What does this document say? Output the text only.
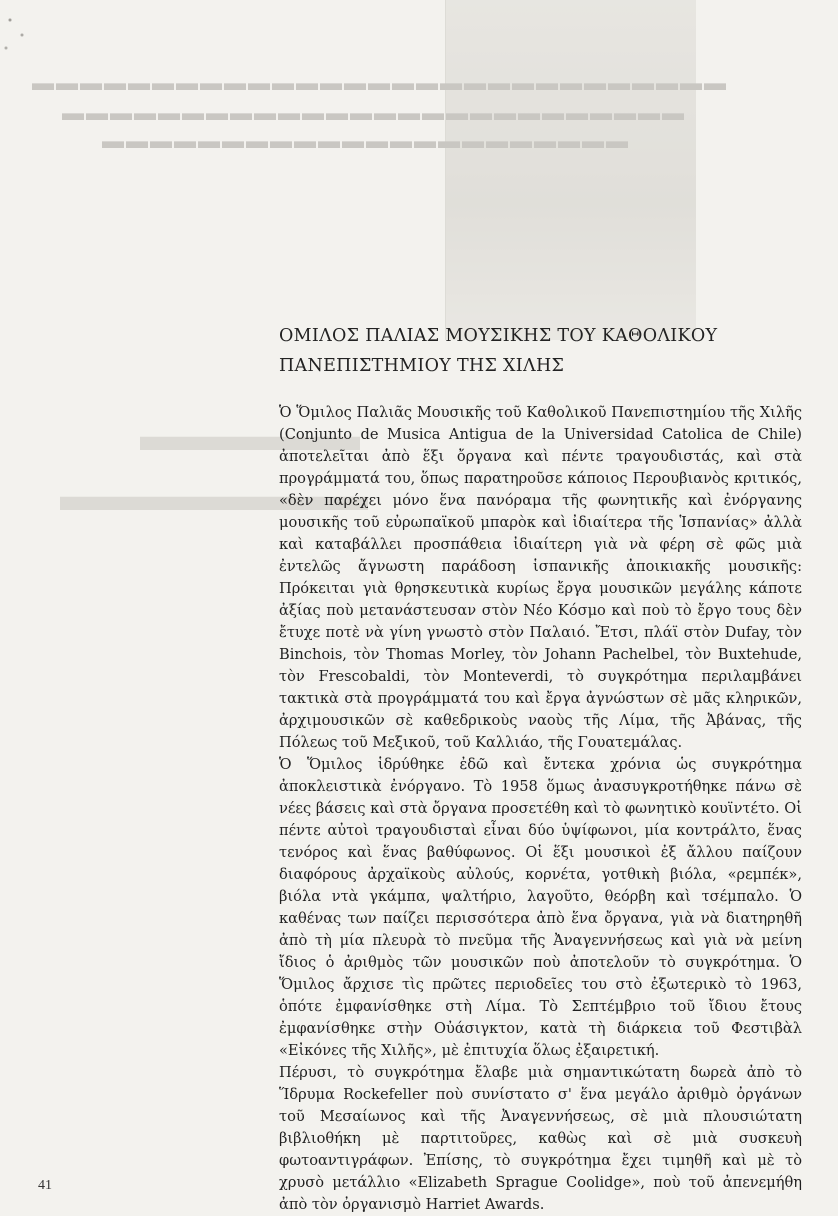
▬▬▬▬▬▬▬▬▬▬▬▬▬▬▬▬▬▬▬▬▬▬▬▬▬▬▬▬▬
▬▬▬▬▬▬▬▬▬▬▬▬▬▬▬▬▬▬▬▬▬▬▬▬▬▬
▬▬▬▬▬▬▬▬▬▬▬▬▬▬▬▬▬▬▬▬▬▬
▬▬▬▬▬
▬▬▬▬▬▬▬
ΟΜΙΛΟΣ ΠΑΛΙΑΣ ΜΟΥΣΙΚΗΣ ΤΟΥ ΚΑΘΟΛΙΚΟΥ
ΠΑΝΕΠΙΣΤΗΜΙΟΥ ΤΗΣ ΧΙΛΗΣ

Ὁ Ὅμιλος Παλιᾶς Μουσικῆς τοῦ Καθολικοῦ Πανεπιστημίου τῆς Χιλῆς (Conjunto de Musica Antigua de la Universidad Catolica de Chile) ἀποτελεῖται ἀπὸ ἕξι ὄργανα καὶ πέντε τραγουδιστάς, καὶ στὰ προγράμματά του, ὅπως παρατηροῦσε κάποιος Περουβιανὸς κριτικός, «δὲν παρέχει μόνο ἕνα πανόραμα τῆς φωνητικῆς καὶ ἐνόργανης μουσικῆς τοῦ εὐρωπαϊκοῦ μπαρὸκ καὶ ἰδιαίτερα τῆς Ἱσπανίας» ἀλλὰ καὶ καταβάλλει προσπάθεια ἰδιαίτερη γιὰ νὰ φέρη σὲ φῶς μιὰ ἐντελῶς ἄγνωστη παράδοση ἱσπανικῆς ἀποικιακῆς μουσικῆς: Πρόκειται γιὰ θρησκευτικὰ κυρίως ἔργα μουσικῶν μεγάλης κάποτε ἀξίας ποὺ μετανάστευσαν στὸν Νέο Κόσμο καὶ ποὺ τὸ ἔργο τους δὲν ἔτυχε ποτὲ νὰ γίνη γνωστὸ στὸν Παλαιό. Ἔτσι, πλάϊ στὸν Dufay, τὸν Binchois, τὸν Thomas Morley, τὸν Johann Pachelbel, τὸν Buxtehude, τὸν Frescobaldi, τὸν Monteverdi, τὸ συγκρότημα περιλαμβάνει τακτικὰ στὰ προγράμματά του καὶ ἔργα ἀγνώστων σὲ μᾶς κληρικῶν, ἀρχιμουσικῶν σὲ καθεδρικοὺς ναοὺς τῆς Λίμα, τῆς Ἀβάνας, τῆς Πόλεως τοῦ Μεξικοῦ, τοῦ Καλλιάο, τῆς Γουατεμάλας.

Ὁ Ὅμιλος ἱδρύθηκε ἐδῶ καὶ ἔντεκα χρόνια ὡς συγκρότημα ἀποκλειστικὰ ἐνόργανο. Τὸ 1958 ὅμως ἀνασυγκροτήθηκε πάνω σὲ νέες βάσεις καὶ στὰ ὄργανα προσετέθη καὶ τὸ φωνητικὸ κουϊντέτο. Οἱ πέντε αὐτοὶ τραγουδισταὶ εἶναι δύο ὑψίφωνοι, μία κοντράλτο, ἕνας τενόρος καὶ ἕνας βαθύφωνος. Οἱ ἕξι μουσικοὶ ἐξ ἄλλου παίζουν διαφόρους ἀρχαϊκοὺς αὐλούς, κορνέτα, γοτθικὴ βιόλα, «ρεμπέκ», βιόλα ντὰ γκάμπα, ψαλτήριο, λαγοῦτο, θεόρβη καὶ τσέμπαλο. Ὁ καθένας των παίζει περισσότερα ἀπὸ ἕνα ὄργανα, γιὰ νὰ διατηρηθῆ ἀπὸ τὴ μία πλευρὰ τὸ πνεῦμα τῆς Ἀναγεννήσεως καὶ γιὰ νὰ μείνη ἴδιος ὁ ἀριθμὸς τῶν μουσικῶν ποὺ ἀποτελοῦν τὸ συγκρότημα. Ὁ Ὅμιλος ἄρχισε τὶς πρῶτες περιοδεῖες του στὸ ἐξωτερικὸ τὸ 1963, ὁπότε ἐμφανίσθηκε στὴ Λίμα. Τὸ Σεπτέμβριο τοῦ ἴδιου ἔτους ἐμφανίσθηκε στὴν Οὐάσιγκτον, κατὰ τὴ διάρκεια τοῦ Φεστιβὰλ «Εἰκόνες τῆς Χιλῆς», μὲ ἐπιτυχία ὅλως ἐξαιρετική.

Πέρυσι, τὸ συγκρότημα ἔλαβε μιὰ σημαντικώτατη δωρεὰ ἀπὸ τὸ Ἵδρυμα Rockefeller ποὺ συνίστατο σ' ἕνα μεγάλο ἀριθμὸ ὀργάνων τοῦ Μεσαίωνος καὶ τῆς Ἀναγεννήσεως, σὲ μιὰ πλουσιώτατη βιβλιοθήκη μὲ παρτιτοῦρες, καθὼς καὶ σὲ μιὰ συσκευὴ φωτοαντιγράφων. Ἐπίσης, τὸ συγκρότημα ἔχει τιμηθῆ καὶ μὲ τὸ χρυσὸ μετάλλιο «Elizabeth Sprague Coolidge», ποὺ τοῦ ἀπενεμήθη ἀπὸ τὸν ὀργανισμὸ Harriet Awards.

41
